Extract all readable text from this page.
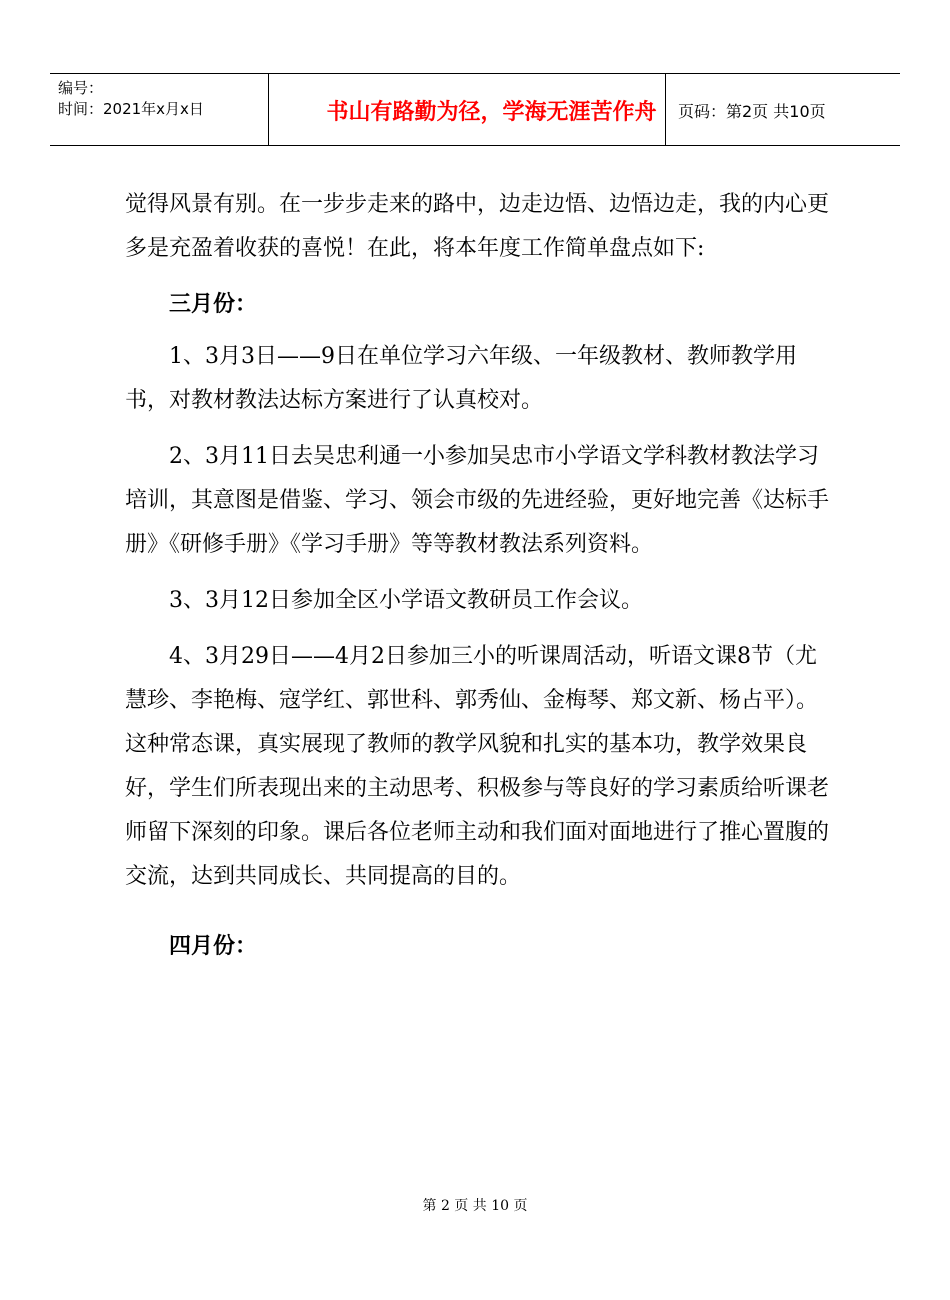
编号：
时间：2021年x月x日	书山有路勤为径，学海无涯苦作舟	页码：第2页 共10页

觉得风景有别。在一步步走来的路中，边走边悟、边悟边走，我的内心更多是充盈着收获的喜悦！在此，将本年度工作简单盘点如下:

三月份：

1、3月3日——9日在单位学习六年级、一年级教材、教师教学用书，对教材教法达标方案进行了认真校对。

2、3月11日去吴忠利通一小参加吴忠市小学语文学科教材教法学习培训，其意图是借鉴、学习、领会市级的先进经验，更好地完善《达标手册》《研修手册》《学习手册》等等教材教法系列资料。

3、3月12日参加全区小学语文教研员工作会议。

4、3月29日——4月2日参加三小的听课周活动，听语文课8节（尤慧珍、李艳梅、寇学红、郭世科、郭秀仙、金梅琴、郑文新、杨占平）。这种常态课，真实展现了教师的教学风貌和扎实的基本功，教学效果良好，学生们所表现出来的主动思考、积极参与等良好的学习素质给听课老师留下深刻的印象。课后各位老师主动和我们面对面地进行了推心置腹的交流，达到共同成长、共同提高的目的。

四月份：

第 2 页 共 10 页
